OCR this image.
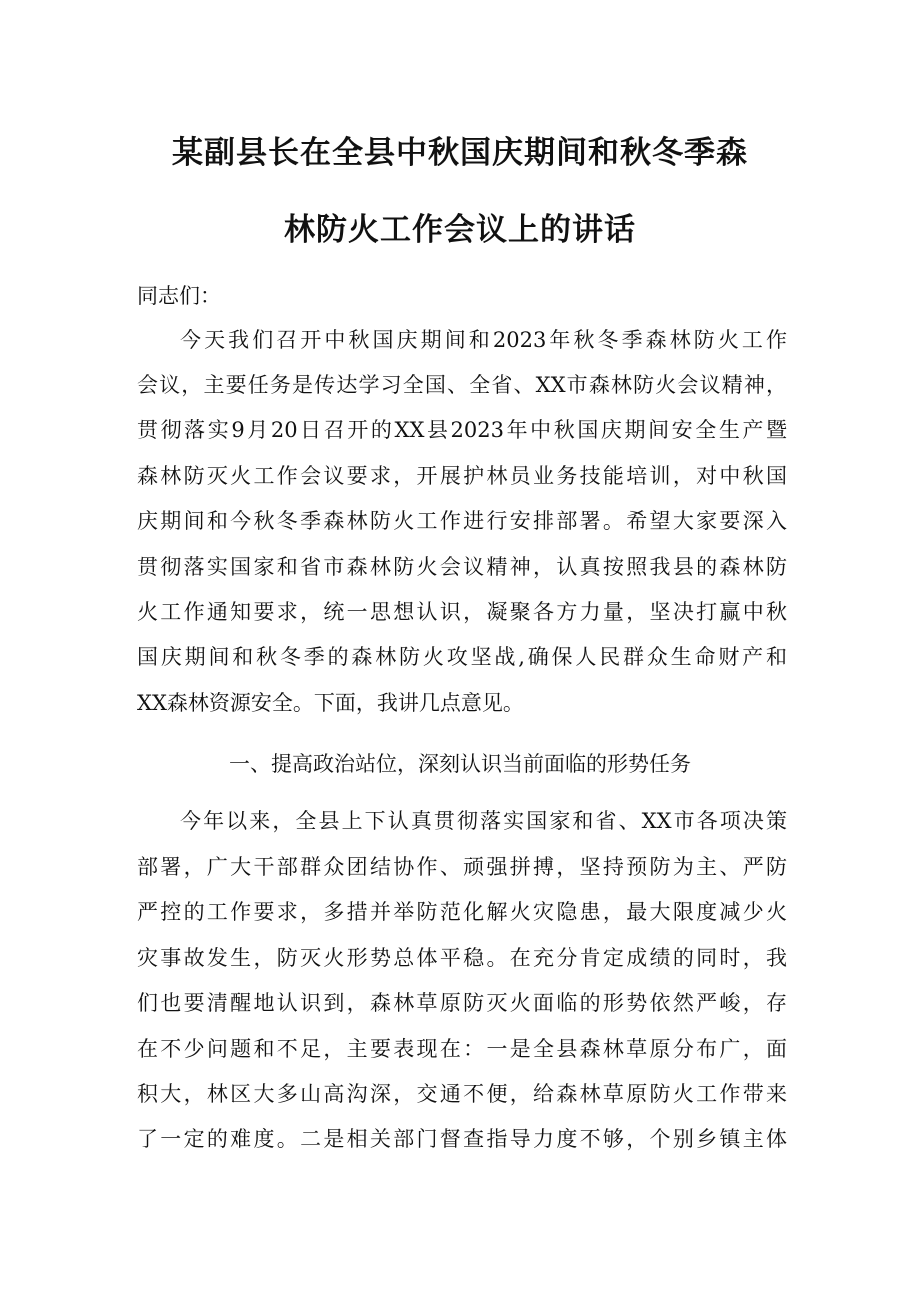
某副县长在全县中秋国庆期间和秋冬季森
林防火工作会议上的讲话
同志们：
今天我们召开中秋国庆期间和2023年秋冬季森林防火工作
会议，主要任务是传达学习全国、全省、XX市森林防火会议精神，
贯彻落实9月20日召开的XX县2023年中秋国庆期间安全生产暨
森林防灭火工作会议要求，开展护林员业务技能培训，对中秋国
庆期间和今秋冬季森林防火工作进行安排部署。希望大家要深入
贯彻落实国家和省市森林防火会议精神，认真按照我县的森林防
火工作通知要求，统一思想认识，凝聚各方力量，坚决打赢中秋
国庆期间和秋冬季的森林防火攻坚战,确保人民群众生命财产和
XX森林资源安全。下面，我讲几点意见。
一、提高政治站位，深刻认识当前面临的形势任务
今年以来，全县上下认真贯彻落实国家和省、XX市各项决策
部署，广大干部群众团结协作、顽强拼搏，坚持预防为主、严防
严控的工作要求，多措并举防范化解火灾隐患，最大限度减少火
灾事故发生，防灭火形势总体平稳。在充分肯定成绩的同时，我
们也要清醒地认识到，森林草原防灭火面临的形势依然严峻，存
在不少问题和不足，主要表现在：一是全县森林草原分布广，面
积大，林区大多山高沟深，交通不便，给森林草原防火工作带来
了一定的难度。二是相关部门督查指导力度不够，个别乡镇主体
